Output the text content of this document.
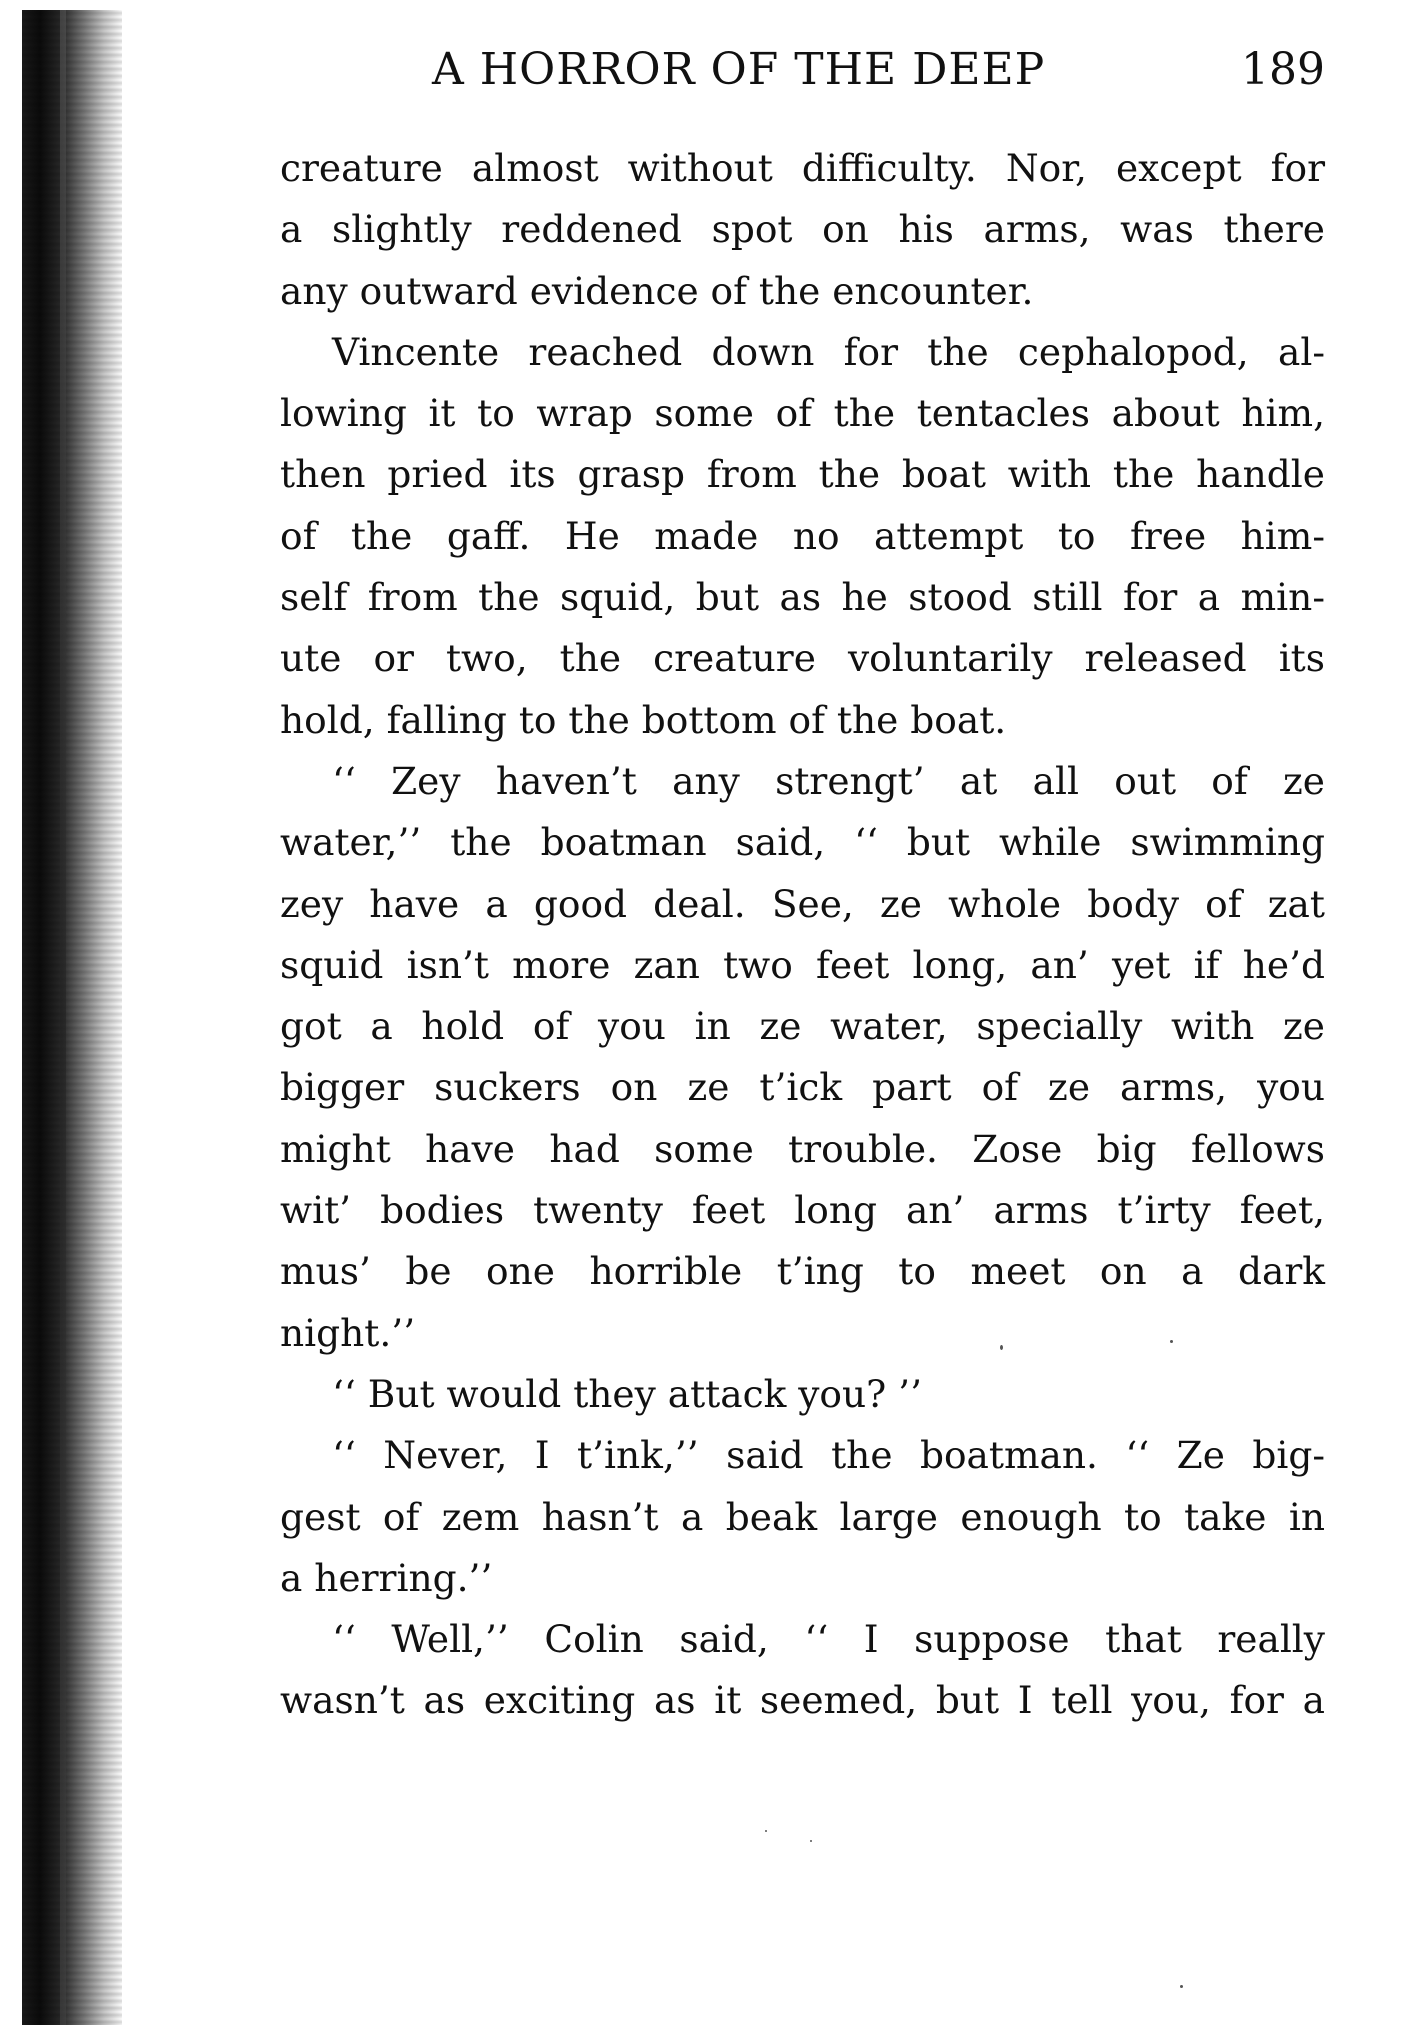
A HORROR OF THE DEEP	189
creature almost without difficulty. Nor, except for
a slightly reddened spot on his arms, was there
any outward evidence of the encounter.
Vincente reached down for the cephalopod, al-
lowing it to wrap some of the tentacles about him,
then pried its grasp from the boat with the handle
of the gaff. He made no attempt to free him-
self from the squid, but as he stood still for a min-
ute or two, the creature voluntarily released its
hold, falling to the bottom of the boat.
‘‘ Zey haven’t any strengt’ at all out of ze
water,’’ the boatman said, ‘‘ but while swimming
zey have a good deal. See, ze whole body of zat
squid isn’t more zan two feet long, an’ yet if he’d
got a hold of you in ze water, specially with ze
bigger suckers on ze t’ick part of ze arms, you
might have had some trouble. Zose big fellows
wit’ bodies twenty feet long an’ arms t’irty feet,
mus’ be one horrible t’ing to meet on a dark
night.’’
‘‘ But would they attack you? ’’
‘‘ Never, I t’ink,’’ said the boatman. ‘‘ Ze big-
gest of zem hasn’t a beak large enough to take in
a herring.’’
‘‘ Well,’’ Colin said, ‘‘ I suppose that really
wasn’t as exciting as it seemed, but I tell you, for a
